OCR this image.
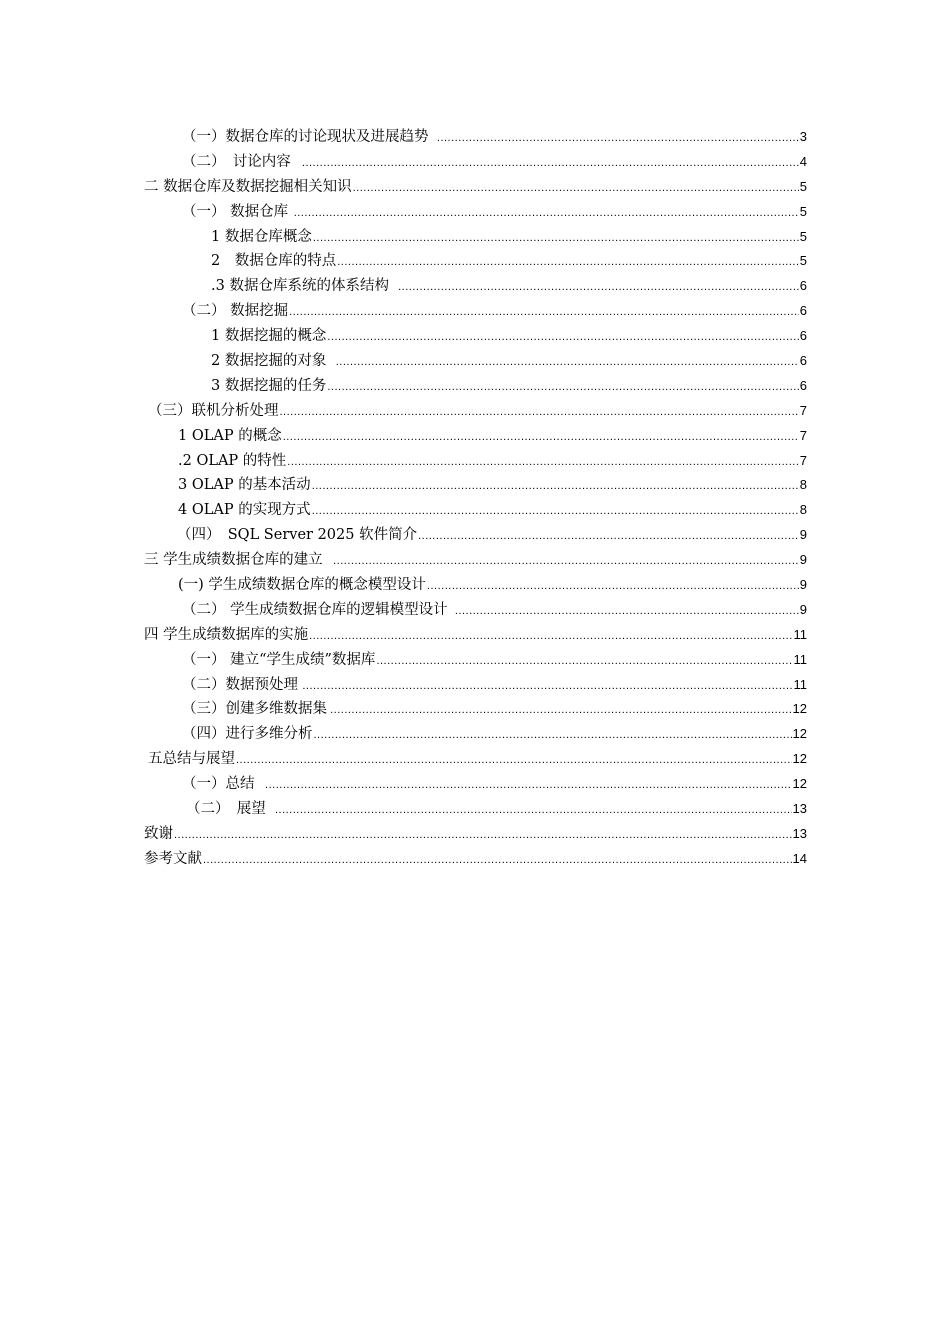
（一）数据仓库的讨论现状及进展趋势 .....	3
（二）　讨论内容 .....	4
二 数据仓库及数据挖掘相关知识 .....	5
（一） 数据仓库 .....	5
1 数据仓库概念 .....	5
2　数据仓库的特点 .....	5
.3 数据仓库系统的体系结构 .....	6
（二） 数据挖掘 .....	6
1 数据挖掘的概念 .....	6
2 数据挖掘的对象 .....	6
3 数据挖掘的任务 .....	6
（三）联机分析处理 .....	7
1 OLAP 的概念 .....	7
.2 OLAP 的特性 .....	7
3 OLAP 的基本活动 .....	8
4 OLAP 的实现方式 .....	8
（四）　SQL Server 2025 软件简介 .....	9
三 学生成绩数据仓库的建立 .....	9
(一) 学生成绩数据仓库的概念模型设计 .....	9
（二） 学生成绩数据仓库的逻辑模型设计 .....	9
四 学生成绩数据库的实施 .....	11
（一） 建立“学生成绩”数据库 .....	11
（二）数据预处理 .....	11
（三）创建多维数据集 .....	12
（四）进行多维分析 .....	12
五总结与展望 .....	12
（一）总结 .....	12
（二）　展望 .....	13
致谢 .....	13
参考文献 .....	14
